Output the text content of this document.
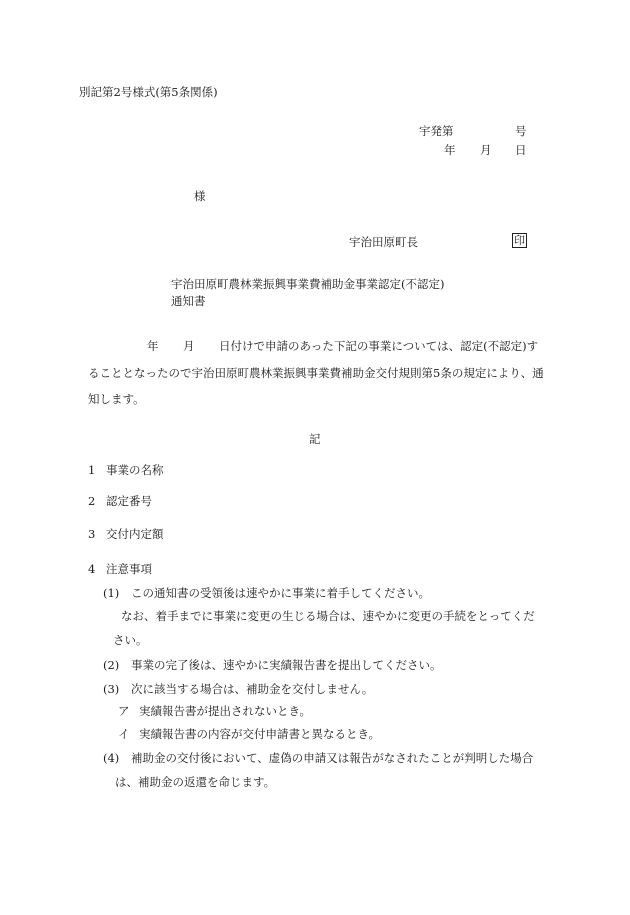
別記第2号様式(第5条関係)
宇発第	号
年 月 日
様
宇治田原町長	印
宇治田原町農林業振興事業費補助金事業認定(不認定)
通知書
年 月 日付けで申請のあった下記の事業については、認定(不認定)す
ることとなったので宇治田原町農林業振興事業費補助金交付規則第5条の規定により、通
知します。
記
1 事業の名称
2 認定番号
3 交付内定額
4 注意事項
(1) この通知書の受領後は速やかに事業に着手してください。
なお、着手までに事業に変更の生じる場合は、速やかに変更の手続をとってくだ
さい。
(2) 事業の完了後は、速やかに実績報告書を提出してください。
(3) 次に該当する場合は、補助金を交付しません。
ア 実績報告書が提出されないとき。
イ 実績報告書の内容が交付申請書と異なるとき。
(4) 補助金の交付後において、虚偽の申請又は報告がなされたことが判明した場合
は、補助金の返還を命じます。
